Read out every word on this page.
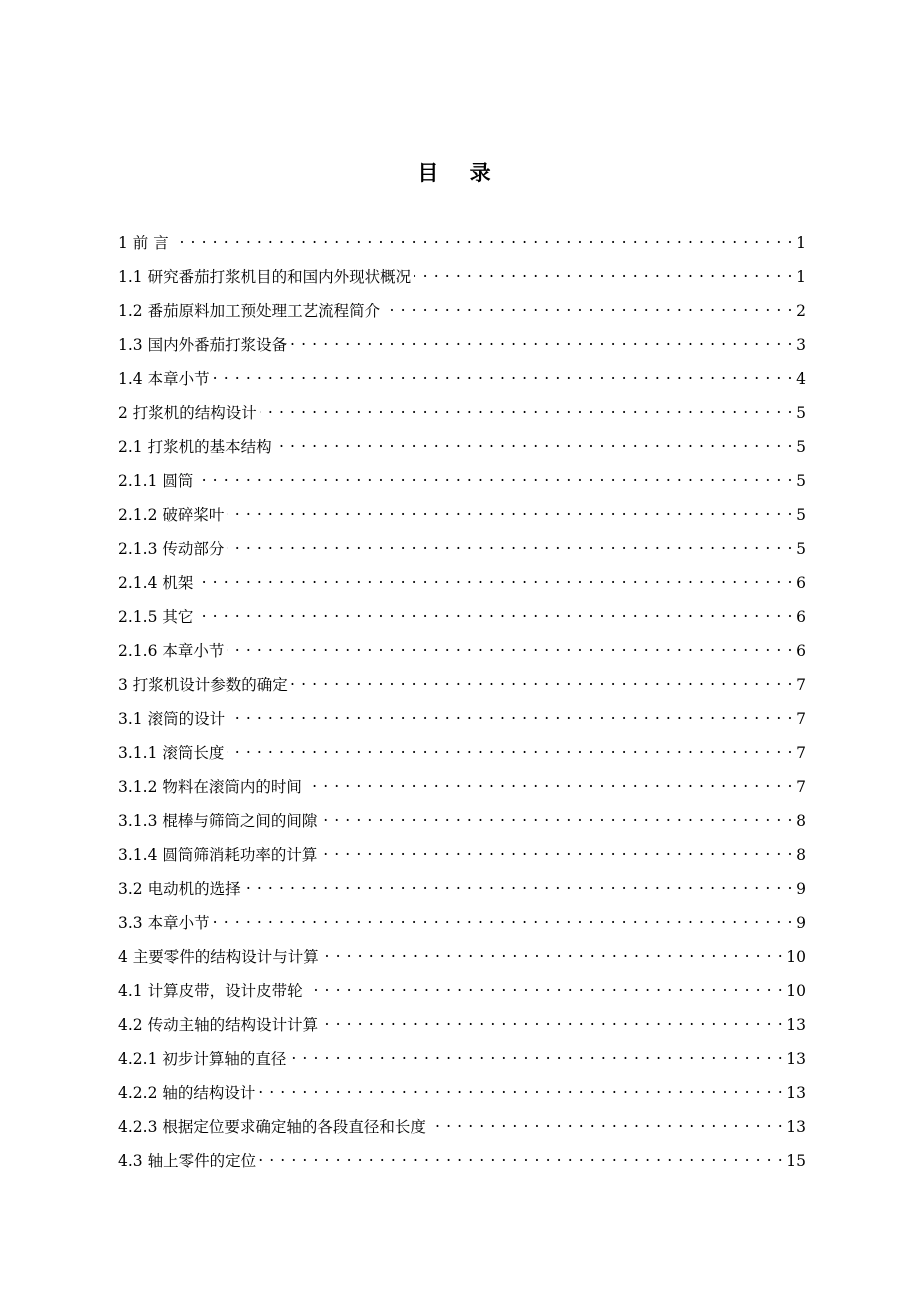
目 录
1 前 言 . . .	1
1.1 研究番茄打浆机目的和国内外现状概况 . . .	1
1.2 番茄原料加工预处理工艺流程简介 . . .	2
1.3 国内外番茄打浆设备 . . .	3
1.4 本章小节 . . .	4
2 打浆机的结构设计 . . .	5
2.1 打浆机的基本结构 . . .	5
2.1.1 圆筒 . . .	5
2.1.2 破碎桨叶 . . .	5
2.1.3 传动部分 . . .	5
2.1.4 机架 . . .	6
2.1.5 其它 . . .	6
2.1.6 本章小节 . . .	6
3 打浆机设计参数的确定 . . .	7
3.1 滚筒的设计 . . .	7
3.1.1 滚筒长度 . . .	7
3.1.2 物料在滚筒内的时间 . . .	7
3.1.3 棍棒与筛筒之间的间隙 . . .	8
3.1.4 圆筒筛消耗功率的计算 . . .	8
3.2 电动机的选择 . . .	9
3.3 本章小节 . . .	9
4 主要零件的结构设计与计算 . . .	10
4.1 计算皮带，设计皮带轮 . . .	10
4.2 传动主轴的结构设计计算 . . .	13
4.2.1 初步计算轴的直径 . . .	13
4.2.2 轴的结构设计 . . .	13
4.2.3 根据定位要求确定轴的各段直径和长度 . . .	13
4.3 轴上零件的定位 . . .	15
